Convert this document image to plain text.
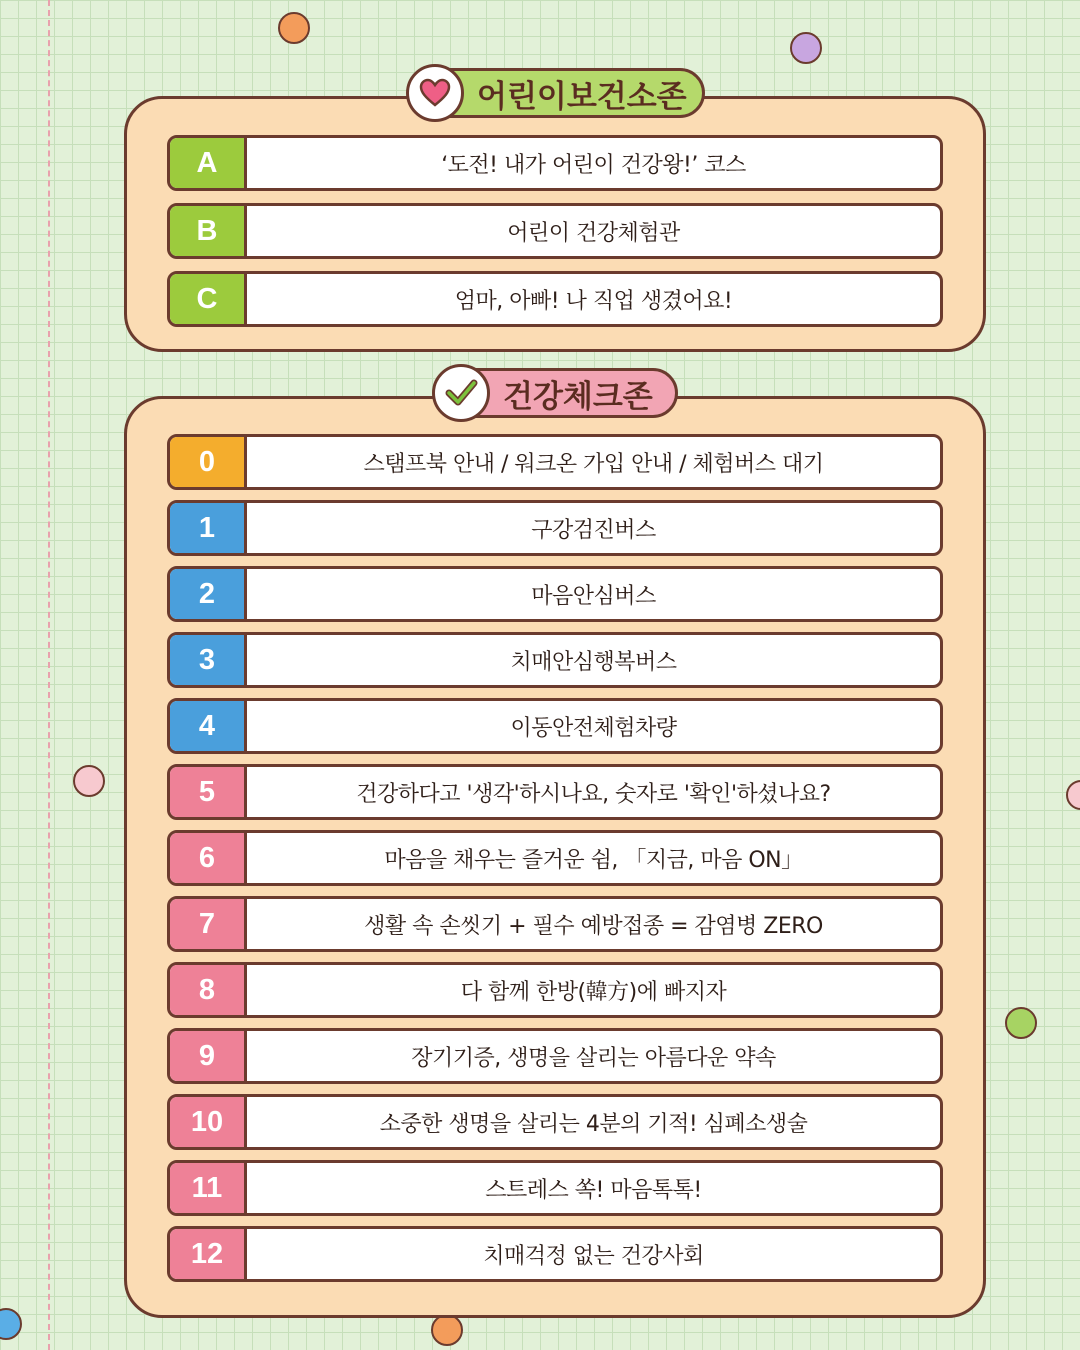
어린이보건소존
A	‘도전! 내가 어린이 건강왕!’ 코스
B	어린이 건강체험관
C	엄마, 아빠! 나 직업 생겼어요!
건강체크존
0	스탬프북 안내 / 워크온 가입 안내 / 체험버스 대기
1	구강검진버스
2	마음안심버스
3	치매안심행복버스
4	이동안전체험차량
5	건강하다고 '생각'하시나요, 숫자로 '확인'하셨나요?
6	마음을 채우는 즐거운 쉼, 「지금, 마음 ON」
7	생활 속 손씻기 + 필수 예방접종 = 감염병 ZERO
8	다 함께 한방(韓方)에 빠지자
9	장기기증, 생명을 살리는 아름다운 약속
10	소중한 생명을 살리는 4분의 기적! 심폐소생술
11	스트레스 쏙! 마음톡톡!
12	치매걱정 없는 건강사회
